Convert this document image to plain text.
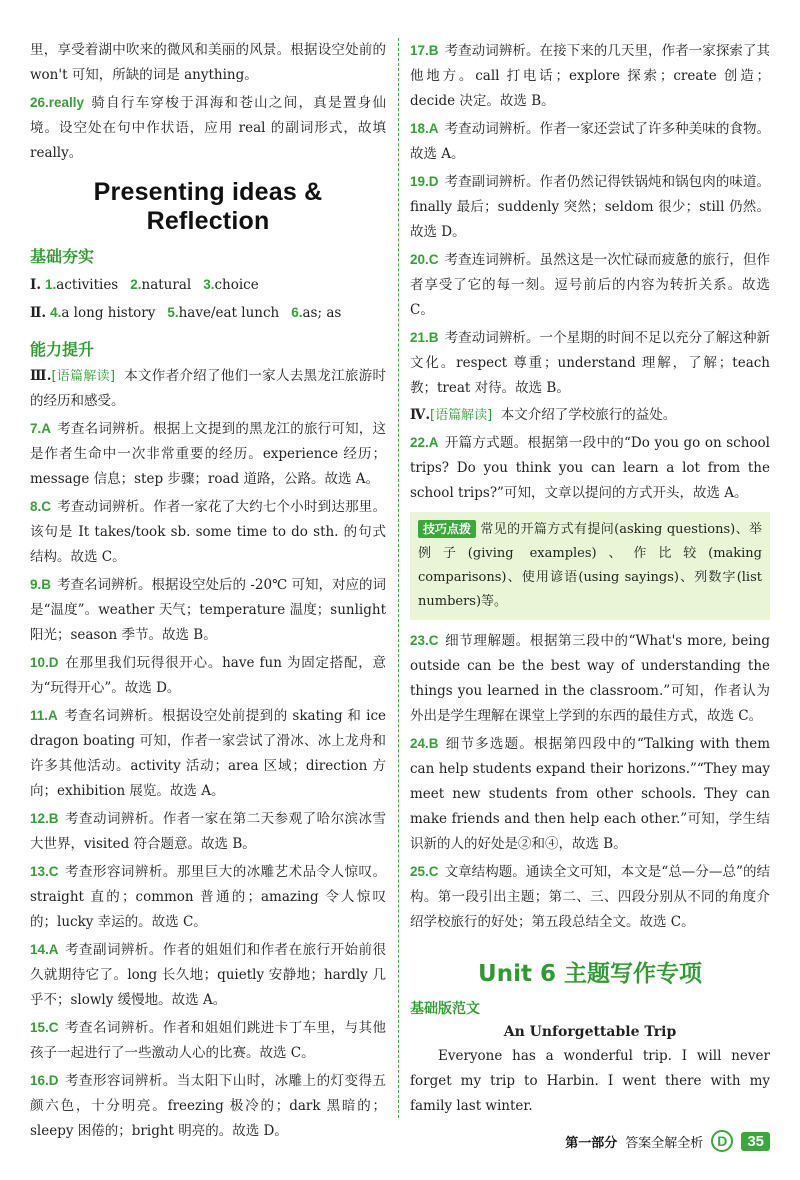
里，享受着湖中吹来的微风和美丽的风景。根据设空处前的 won't 可知，所缺的词是 anything。

26.really 骑自行车穿梭于洱海和苍山之间，真是置身仙境。设空处在句中作状语，应用 real 的副词形式，故填 really。

Presenting ideas & Reflection
基础夯实
Ⅰ. 1.activities 2.natural 3.choice
Ⅱ. 4.a long history 5.have/eat lunch 6.as; as
能力提升

Ⅲ.[语篇解读] 本文作者介绍了他们一家人去黑龙江旅游时的经历和感受。

7.A 考查名词辨析。根据上文提到的黑龙江的旅行可知，这是作者生命中一次非常重要的经历。experience 经历；message 信息；step 步骤；road 道路，公路。故选 A。

8.C 考查动词辨析。作者一家花了大约七个小时到达那里。该句是 It takes/took sb. some time to do sth. 的句式结构。故选 C。

9.B 考查名词辨析。根据设空处后的 -20℃ 可知，对应的词是“温度”。weather 天气；temperature 温度；sunlight 阳光；season 季节。故选 B。

10.D 在那里我们玩得很开心。have fun 为固定搭配，意为“玩得开心”。故选 D。

11.A 考查名词辨析。根据设空处前提到的 skating 和 ice dragon boating 可知，作者一家尝试了滑冰、冰上龙舟和许多其他活动。activity 活动；area 区域；direction 方向；exhibition 展览。故选 A。

12.B 考查动词辨析。作者一家在第二天参观了哈尔滨冰雪大世界，visited 符合题意。故选 B。

13.C 考查形容词辨析。那里巨大的冰雕艺术品令人惊叹。straight 直的；common 普通的；amazing 令人惊叹的；lucky 幸运的。故选 C。

14.A 考查副词辨析。作者的姐姐们和作者在旅行开始前很久就期待它了。long 长久地；quietly 安静地；hardly 几乎不；slowly 缓慢地。故选 A。

15.C 考查名词辨析。作者和姐姐们跳进卡丁车里，与其他孩子一起进行了一些激动人心的比赛。故选 C。

16.D 考查形容词辨析。当太阳下山时，冰雕上的灯变得五颜六色，十分明亮。freezing 极冷的；dark 黑暗的；sleepy 困倦的；bright 明亮的。故选 D。

17.B 考查动词辨析。在接下来的几天里，作者一家探索了其他地方。call 打电话；explore 探索；create 创造；decide 决定。故选 B。

18.A 考查动词辨析。作者一家还尝试了许多种美味的食物。故选 A。

19.D 考查副词辨析。作者仍然记得铁锅炖和锅包肉的味道。finally 最后；suddenly 突然；seldom 很少；still 仍然。故选 D。

20.C 考查连词辨析。虽然这是一次忙碌而疲惫的旅行，但作者享受了它的每一刻。逗号前后的内容为转折关系。故选 C。

21.B 考查动词辨析。一个星期的时间不足以充分了解这种新文化。respect 尊重；understand 理解，了解；teach 教；treat 对待。故选 B。

Ⅳ.[语篇解读] 本文介绍了学校旅行的益处。

22.A 开篇方式题。根据第一段中的“Do you go on school trips? Do you think you can learn a lot from the school trips?”可知，文章以提问的方式开头，故选 A。

技巧点拨 常见的开篇方式有提问(asking questions)、举例子(giving examples)、作比较(making comparisons)、使用谚语(using sayings)、列数字(list numbers)等。

23.C 细节理解题。根据第三段中的“What's more, being outside can be the best way of understanding the things you learned in the classroom.”可知，作者认为外出是学生理解在课堂上学到的东西的最佳方式，故选 C。

24.B 细节多选题。根据第四段中的“Talking with them can help students expand their horizons.”“They may meet new students from other schools. They can make friends and then help each other.”可知，学生结识新的人的好处是②和④，故选 B。

25.C 文章结构题。通读全文可知，本文是“总—分—总”的结构。第一段引出主题；第二、三、四段分别从不同的角度介绍学校旅行的好处；第五段总结全文。故选 C。

Unit 6 主题写作专项
基础版范文
An Unforgettable Trip

Everyone has a wonderful trip. I will never forget my trip to Harbin. I went there with my family last winter.

第一部分 答案全解全析 D	35
